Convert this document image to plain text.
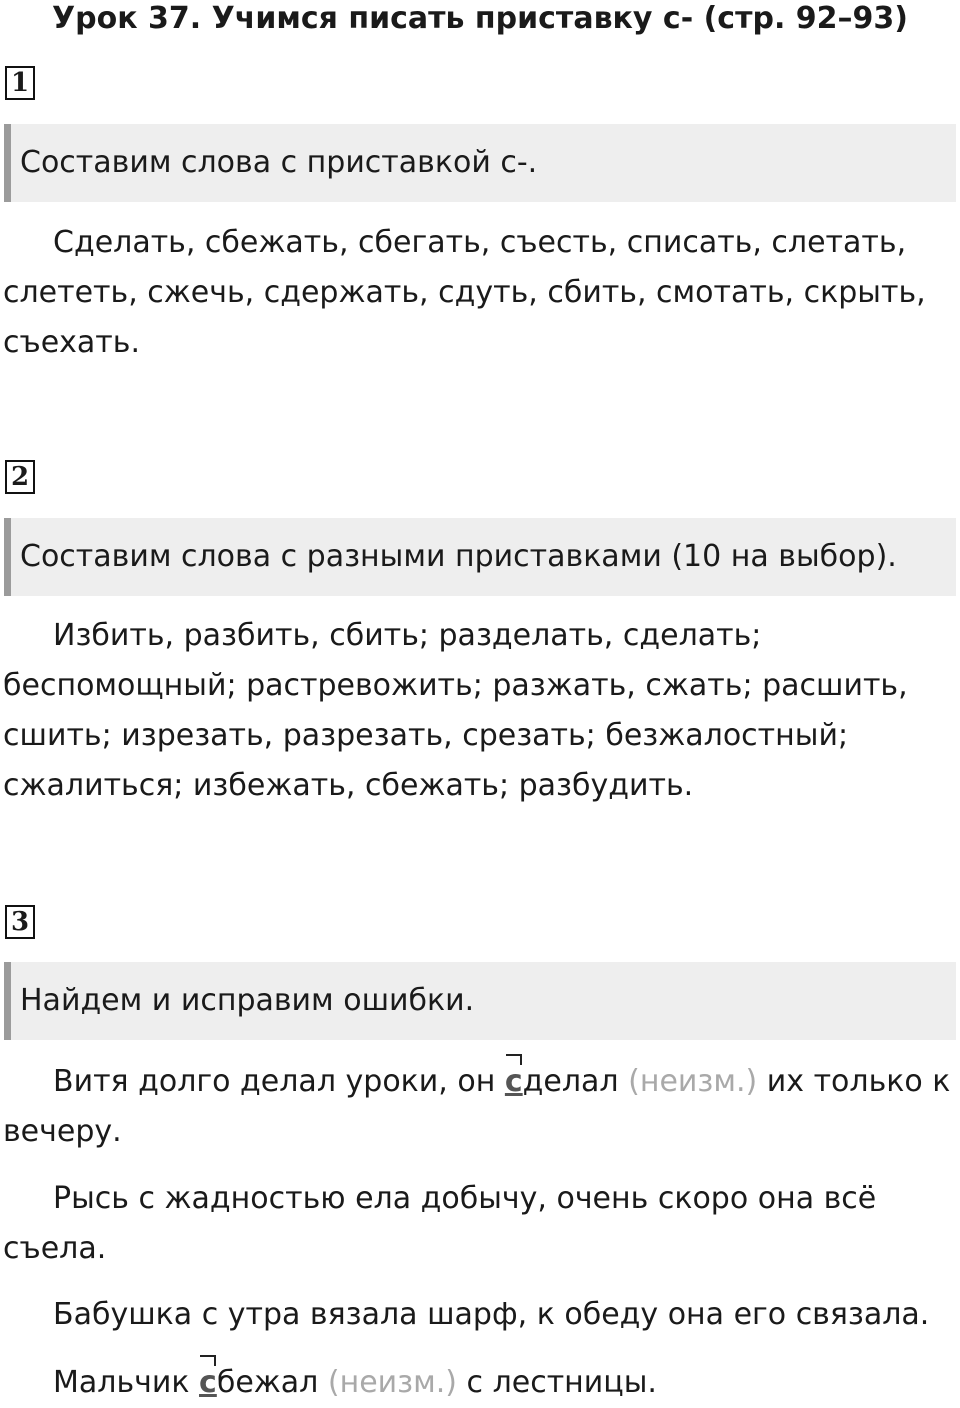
Урок 37. Учимся писать приставку с- (стр. 92–93)
1
Составим слова с приставкой с-.

Сделать, сбежать, сбегать, съесть, списать, слетать, слететь, сжечь, сдержать, сдуть, сбить, смотать, скрыть, съехать.

2
Составим слова с разными приставками (10 на выбор).

Избить, разбить, сбить; разделать, сделать; беспомощный; растревожить; разжать, сжать; расшить, сшить; изрезать, разрезать, срезать; безжалостный; сжалиться; избежать, сбежать; разбудить.

3
Найдем и исправим ошибки.

Витя долго делал уроки, он сделал (неизм.) их только к вечеру.

Рысь с жадностью ела добычу, очень скоро она всё съела.

Бабушка с утра вязала шарф, к обеду она его связала.

Мальчик сбежал (неизм.) с лестницы.
